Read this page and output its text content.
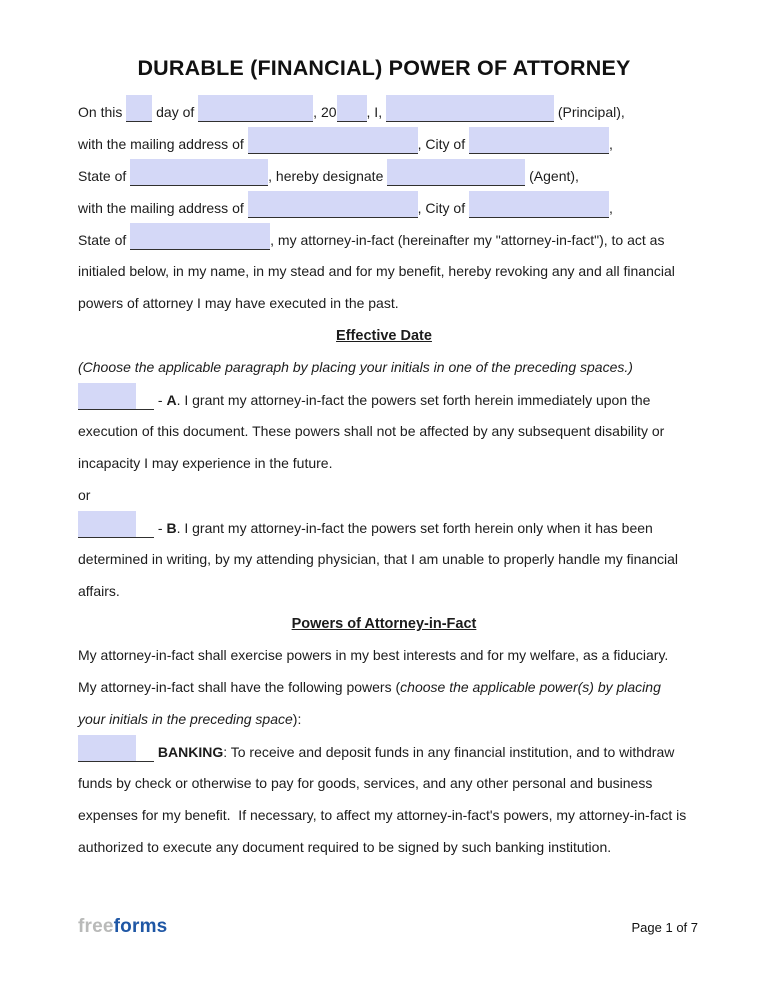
DURABLE (FINANCIAL) POWER OF ATTORNEY
On this  day of	, 20 , I,	(Principal),
with the mailing address of	, City of	,
State of	, hereby designate	(Agent),
with the mailing address of	, City of	,
State of	, my attorney-in-fact (hereinafter my "attorney-in-fact"), to act as
initialed below, in my name, in my stead and for my benefit, hereby revoking any and all financial
powers of attorney I may have executed in the past.
Effective Date
(Choose the applicable paragraph by placing your initials in one of the preceding spaces.)
- A. I grant my attorney-in-fact the powers set forth herein immediately upon the
execution of this document. These powers shall not be affected by any subsequent disability or
incapacity I may experience in the future.
or
- B. I grant my attorney-in-fact the powers set forth herein only when it has been
determined in writing, by my attending physician, that I am unable to properly handle my financial
affairs.
Powers of Attorney-in-Fact
My attorney-in-fact shall exercise powers in my best interests and for my welfare, as a fiduciary.
My attorney-in-fact shall have the following powers (choose the applicable power(s) by placing
your initials in the preceding space):
BANKING: To receive and deposit funds in any financial institution, and to withdraw
funds by check or otherwise to pay for goods, services, and any other personal and business
expenses for my benefit.  If necessary, to affect my attorney-in-fact's powers, my attorney-in-fact is
authorized to execute any document required to be signed by such banking institution.
freeforms	Page 1 of 7
